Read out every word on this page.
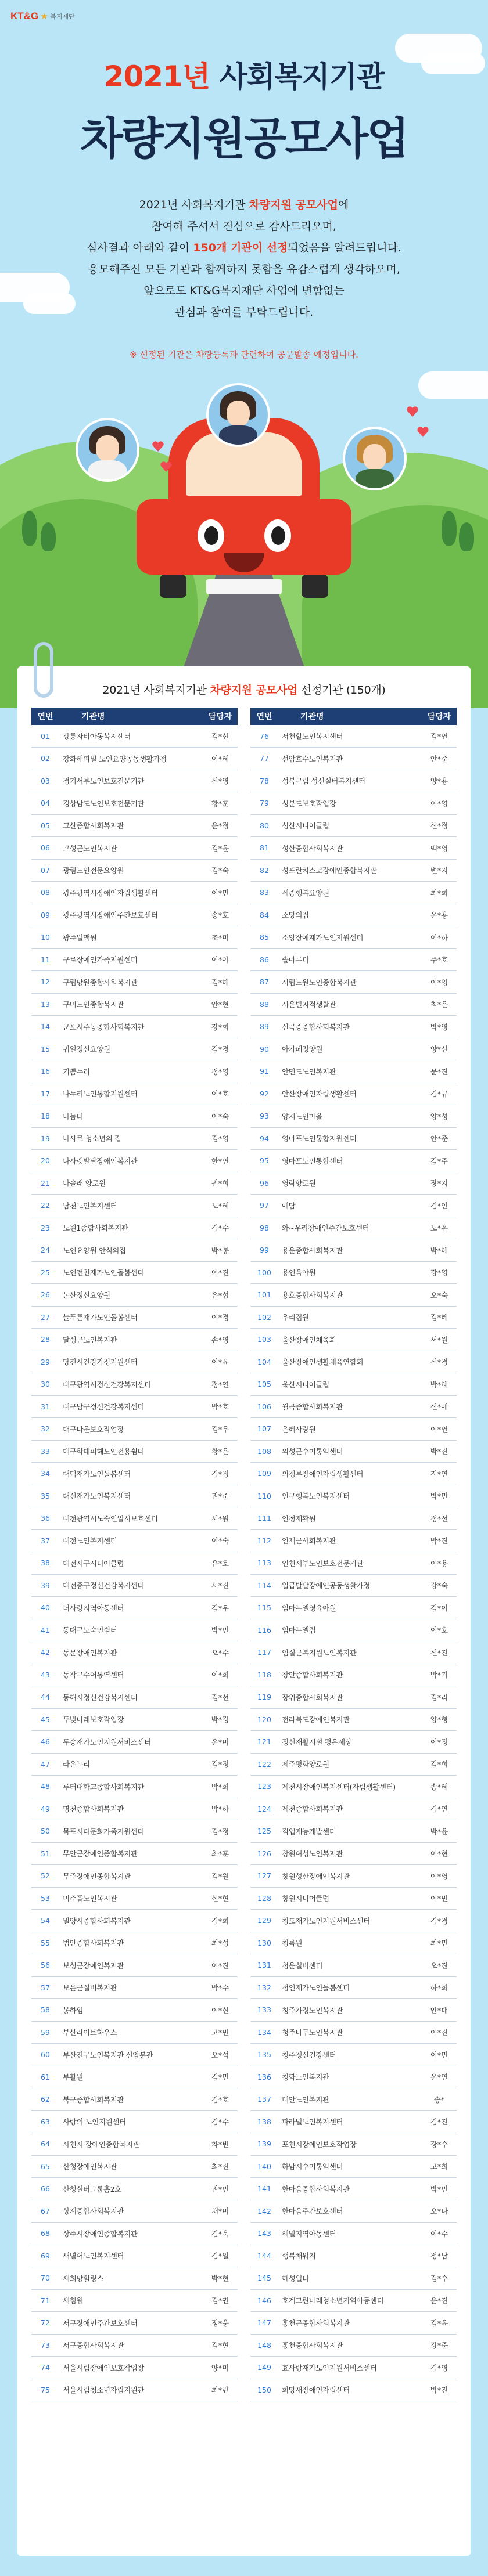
KT&G 복지재단
2021년 사회복지기관
차량지원공모사업
2021년 사회복지기관 차량지원 공모사업에
참여해 주셔서 진심으로 감사드리오며,
심사결과 아래와 같이 150개 기관이 선정되었음을 알려드립니다.
응모해주신 모든 기관과 함께하지 못함을 유감스럽게 생각하오며,
앞으로도 KT&G복지재단 사업에 변함없는
관심과 참여를 부탁드립니다.
※ 선정된 기관은 차량등록과 관련하여 공문발송 예정입니다.
2021년 사회복지기관 차량지원 공모사업 선정기관 (150개)
연번	기관명	담당자
01	강릉자비아동복지센터	김*선
02	강화해피빌 노인요양공동생활가정	이*혜
03	경기서부노인보호전문기관	신*영
04	경상남도노인보호전문기관	황*훈
05	고산종합사회복지관	윤*정
06	고성군노인복지관	김*윤
07	광림노인전문요양원	김*숙
08	광주광역시장애인자립생활센터	이*민
09	광주광역시장애인주간보호센터	송*호
10	광주일맥원	조*미
11	구로장애인가족지원센터	이*아
12	구립망원종합사회복지관	김*혜
13	구미노인종합복지관	안*현
14	군포시주몽종합사회복지관	강*희
15	귀일정신요양원	김*경
16	기쁨누리	정*영
17	나누리노인통합지원센터	이*호
18	나눔터	이*숙
19	나사로 청소년의 집	김*영
20	나사렛발달장애인복지관	한*연
21	나솔래 양로원	권*희
22	남천노인복지센터	노*혜
23	노원1종합사회복지관	김*수
24	노인요양원 안식의집	박*봉
25	노인전천재가노인돌봄센터	이*진
26	논산정신요양원	유*섭
27	늘푸른재가노인돌봄센터	이*경
28	달성군노인복지관	손*영
29	당진시건강가정지원센터	이*윤
30	대구광역시정신건강복지센터	정*연
31	대구남구정신건강복지센터	박*호
32	대구다운보호작업장	김*우
33	대구학대피해노인전용쉼터	황*은
34	대덕재가노인돌봄센터	김*정
35	대신재가노인복지센터	권*준
36	대전광역시노숙인일시보호센터	서*원
37	대전노인복지센터	이*숙
38	대전서구시니어클럽	유*호
39	대전중구정신건강복지센터	서*진
40	더사랑지역아동센터	김*우
41	동대구노숙인쉼터	박*민
42	동문장애인복지관	오*수
43	동작구수어통역센터	이*희
44	동해시정신건강복지센터	김*선
45	두빛나래보호작업장	박*경
46	두송재가노인지원서비스센터	윤*미
47	라온누리	김*정
48	루터대학교종합사회복지관	박*희
49	명천종합사회복지관	박*하
50	목포시다문화가족지원센터	김*정
51	무안군장애인종합복지관	최*훈
52	무주장애인종합복지관	김*원
53	미추홀노인복지관	신*현
54	밀양시종합사회복지관	김*희
55	범안종합사회복지관	최*성
56	보성군장애인복지관	이*진
57	보은군실버복지관	박*수
58	봉하임	이*신
59	부산라이트하우스	고*민
60	부산진구노인복지관 신암분관	오*석
61	부활원	김*민
62	북구종합사회복지관	김*호
63	사랑의 노인지원센터	김*수
64	사천시 장애인종합복지관	차*빈
65	산청장애인복지관	최*진
66	산청실버그룹홈2호	권*민
67	상계종합사회복지관	채*미
68	상주시장애인종합복지관	김*욱
69	새별어노인복지센터	김*일
70	새희망힐링스	박*현
71	새힘원	김*권
72	서구장애인주간보호센터	정*웅
73	서구종합사회복지관	김*현
74	서울시립장애인보호작업장	양*미
75	서울시립청소년자립지원관	최*란
연번	기관명	담당자
76	서천할노인복지센터	김*연
77	선암호수노인복지관	안*준
78	성북구립 성선실버복지센터	양*용
79	성분도보호작업장	이*영
80	성산시니어클럽	신*정
81	성산종합사회복지관	백*영
82	성프란치스코장애인종합복지관	변*지
83	세종행복요양원	최*희
84	소망의집	윤*용
85	소양장애재가노인지원센터	이*하
86	솔마루터	주*호
87	시립노원노인종합복지관	이*영
88	시온빌지적생활관	최*은
89	신곡종종합사회복지관	박*영
90	아가페정양원	양*선
91	안면도노인복지관	문*진
92	안산장애인자립생활센터	김*규
93	양지노인마을	양*성
94	영마포노인통합지원센터	안*준
95	영마포노인통합센터	김*주
96	영락양로원	장*지
97	예담	김*인
98	와~우리장애인주간보호센터	노*은
99	용운종합사회복지관	박*혜
100	용인옥야원	강*영
101	용호종합사회복지관	오*숙
102	우리집원	김*혜
103	울산장애인체육회	서*원
104	울산장애인생활체육연합회	신*경
105	울산시니어클럽	박*혜
106	월곡종합사회복지관	신*애
107	은혜사랑원	이*연
108	의성군수어통역센터	박*진
109	의정부장애인자립생활센터	전*연
110	인구행복노인복지센터	박*민
111	인정재활원	정*선
112	인제군사회복지관	박*진
113	인천서부노인보호전문기관	이*용
114	일급발달장애인공동생활가정	강*숙
115	임마누엘영육아원	김*이
116	임마누엘집	이*호
117	임실군복지원노인복지관	신*진
118	장안종합사회복지관	박*기
119	장위종합사회복지관	김*리
120	전라북도장애인복지관	양*형
121	정신재활시설 평온세상	이*정
122	제주평화양로원	김*희
123	제천시장애인복지센터(자립생활센터)	송*혜
124	제천종합사회복지관	김*연
125	직업재능개발센터	박*윤
126	창원여성노인복지관	이*현
127	창원성산장애인복지관	이*영
128	창원시니어클럽	이*민
129	청도재가노인지원서비스센터	김*경
130	청록원	최*민
131	청운실버센터	오*진
132	청인재가노인돌봄센터	하*희
133	청주가정노인복지관	안*대
134	청주나무노인복지관	이*진
135	청주정신건강센터	이*민
136	청학노인복지관	윤*연
137	태안노인복지관	송*
138	파라밀노인복지센터	김*진
139	포천시장애인보호작업장	장*수
140	하남시수어통역센터	고*희
141	한마음종합사회복지관	박*민
142	한마음주간보호센터	오*나
143	해밀지역아동센터	이*수
144	행복채워지	정*남
145	혜성일터	김*수
146	호계그린나래청소년지역아동센터	윤*진
147	홍천군종합사회복지관	김*윤
148	홍천종합사회복지관	강*준
149	효사랑재가노인지원서비스센터	김*영
150	희망새장애인자립센터	박*진
